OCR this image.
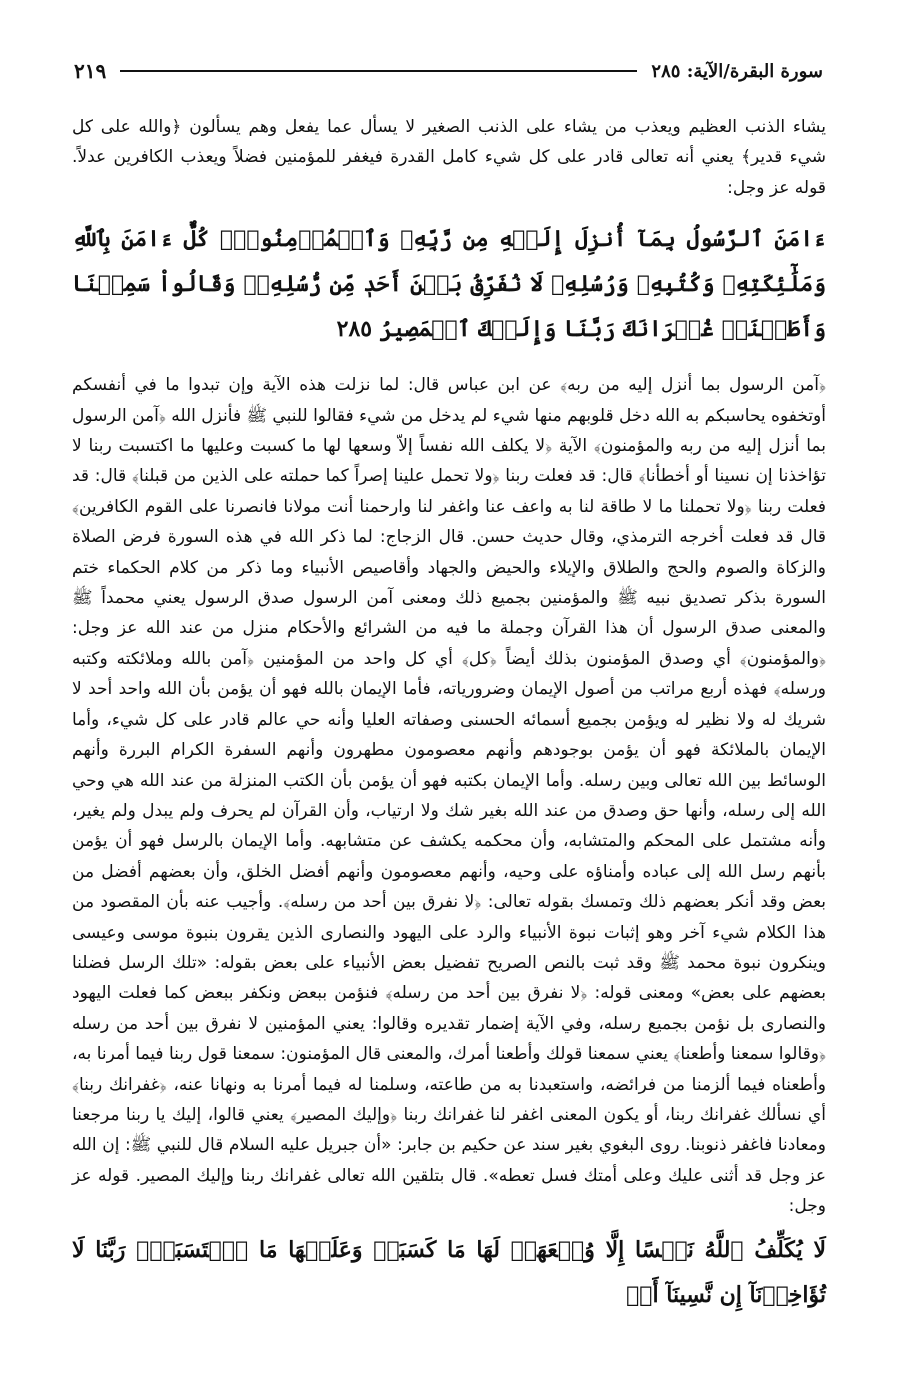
سورة البقرة/الآية: ٢٨٥
٢١٩

يشاء الذنب العظيم ويعذب من يشاء على الذنب الصغير لا يسأل عما يفعل وهم يسألون ﴿والله على كل شيء قدير﴾ يعني أنه تعالى قادر على كل شيء كامل القدرة فيغفر للمؤمنين فضلاً ويعذب الكافرين عدلاً. قوله عز وجل:

ءَامَنَ ٱلرَّسُولُ بِمَآ أُنزِلَ إِلَيۡهِ مِن رَّبِّهِۦ وَٱلۡمُؤۡمِنُونَۚ كُلٌّ ءَامَنَ بِٱللَّهِ وَمَلَٰٓئِكَتِهِۦ وَكُتُبِهِۦ وَرُسُلِهِۦ لَا نُفَرِّقُ بَيۡنَ أَحَدٖ مِّن رُّسُلِهِۦۚ وَقَالُواْ سَمِعۡنَا وَأَطَعۡنَاۖ غُفۡرَانَكَ رَبَّنَا وَإِلَيۡكَ ٱلۡمَصِيرُ ٢٨٥

﴿آمن الرسول بما أنزل إليه من ربه﴾ عن ابن عباس قال: لما نزلت هذه الآية وإن تبدوا ما في أنفسكم أوتخفوه يحاسبكم به الله دخل قلوبهم منها شيء لم يدخل من شيء فقالوا للنبي ﷺ فأنزل الله ﴿آمن الرسول بما أنزل إليه من ربه والمؤمنون﴾ الآية ﴿لا يكلف الله نفساً إلاّ وسعها لها ما كسبت وعليها ما اكتسبت ربنا لا تؤاخذنا إن نسينا أو أخطأنا﴾ قال: قد فعلت ربنا ﴿ولا تحمل علينا إصراً كما حملته على الذين من قبلنا﴾ قال: قد فعلت ربنا ﴿ولا تحملنا ما لا طاقة لنا به واعف عنا واغفر لنا وارحمنا أنت مولانا فانصرنا على القوم الكافرين﴾ قال قد فعلت أخرجه الترمذي، وقال حديث حسن. قال الزجاج: لما ذكر الله في هذه السورة فرض الصلاة والزكاة والصوم والحج والطلاق والإيلاء والحيض والجهاد وأقاصيص الأنبياء وما ذكر من كلام الحكماء ختم السورة بذكر تصديق نبيه ﷺ والمؤمنين بجميع ذلك ومعنى آمن الرسول صدق الرسول يعني محمداً ﷺ والمعنى صدق الرسول أن هذا القرآن وجملة ما فيه من الشرائع والأحكام منزل من عند الله عز وجل: ﴿والمؤمنون﴾ أي وصدق المؤمنون بذلك أيضاً ﴿كل﴾ أي كل واحد من المؤمنين ﴿آمن بالله وملائكته وكتبه ورسله﴾ فهذه أربع مراتب من أصول الإيمان وضرورياته، فأما الإيمان بالله فهو أن يؤمن بأن الله واحد أحد لا شريك له ولا نظير له ويؤمن بجميع أسمائه الحسنى وصفاته العليا وأنه حي عالم قادر على كل شيء، وأما الإيمان بالملائكة فهو أن يؤمن بوجودهم وأنهم معصومون مطهرون وأنهم السفرة الكرام البررة وأنهم الوسائط بين الله تعالى وبين رسله. وأما الإيمان بكتبه فهو أن يؤمن بأن الكتب المنزلة من عند الله هي وحي الله إلى رسله، وأنها حق وصدق من عند الله بغير شك ولا ارتياب، وأن القرآن لم يحرف ولم يبدل ولم يغير، وأنه مشتمل على المحكم والمتشابه، وأن محكمه يكشف عن متشابهه. وأما الإيمان بالرسل فهو أن يؤمن بأنهم رسل الله إلى عباده وأمناؤه على وحيه، وأنهم معصومون وأنهم أفضل الخلق، وأن بعضهم أفضل من بعض وقد أنكر بعضهم ذلك وتمسك بقوله تعالى: ﴿لا نفرق بين أحد من رسله﴾. وأجيب عنه بأن المقصود من هذا الكلام شيء آخر وهو إثبات نبوة الأنبياء والرد على اليهود والنصارى الذين يقرون بنبوة موسى وعيسى وينكرون نبوة محمد ﷺ وقد ثبت بالنص الصريح تفضيل بعض الأنبياء على بعض بقوله: «تلك الرسل فضلنا بعضهم على بعض» ومعنى قوله: ﴿لا نفرق بين أحد من رسله﴾ فنؤمن ببعض ونكفر ببعض كما فعلت اليهود والنصارى بل نؤمن بجميع رسله، وفي الآية إضمار تقديره وقالوا: يعني المؤمنين لا نفرق بين أحد من رسله ﴿وقالوا سمعنا وأطعنا﴾ يعني سمعنا قولك وأطعنا أمرك، والمعنى قال المؤمنون: سمعنا قول ربنا فيما أمرنا به، وأطعناه فيما ألزمنا من فرائضه، واستعبدنا به من طاعته، وسلمنا له فيما أمرنا به ونهانا عنه، ﴿غفرانك ربنا﴾ أي نسألك غفرانك ربنا، أو يكون المعنى اغفر لنا غفرانك ربنا ﴿وإليك المصير﴾ يعني قالوا، إليك يا ربنا مرجعنا ومعادنا فاغفر ذنوبنا. روى البغوي بغير سند عن حكيم بن جابر: «أن جبريل عليه السلام قال للنبي ﷺ: إن الله عز وجل قد أثنى عليك وعلى أمتك فسل تعطه». قال بتلقين الله تعالى غفرانك ربنا وإليك المصير. قوله عز وجل:

لَا يُكَلِّفُ ٱللَّهُ نَفۡسًا إِلَّا وُسۡعَهَاۚ لَهَا مَا كَسَبَتۡ وَعَلَيۡهَا مَا ٱكۡتَسَبَتۡۗ رَبَّنَا لَا تُؤَاخِذۡنَآ إِن نَّسِينَآ أَوۡ
